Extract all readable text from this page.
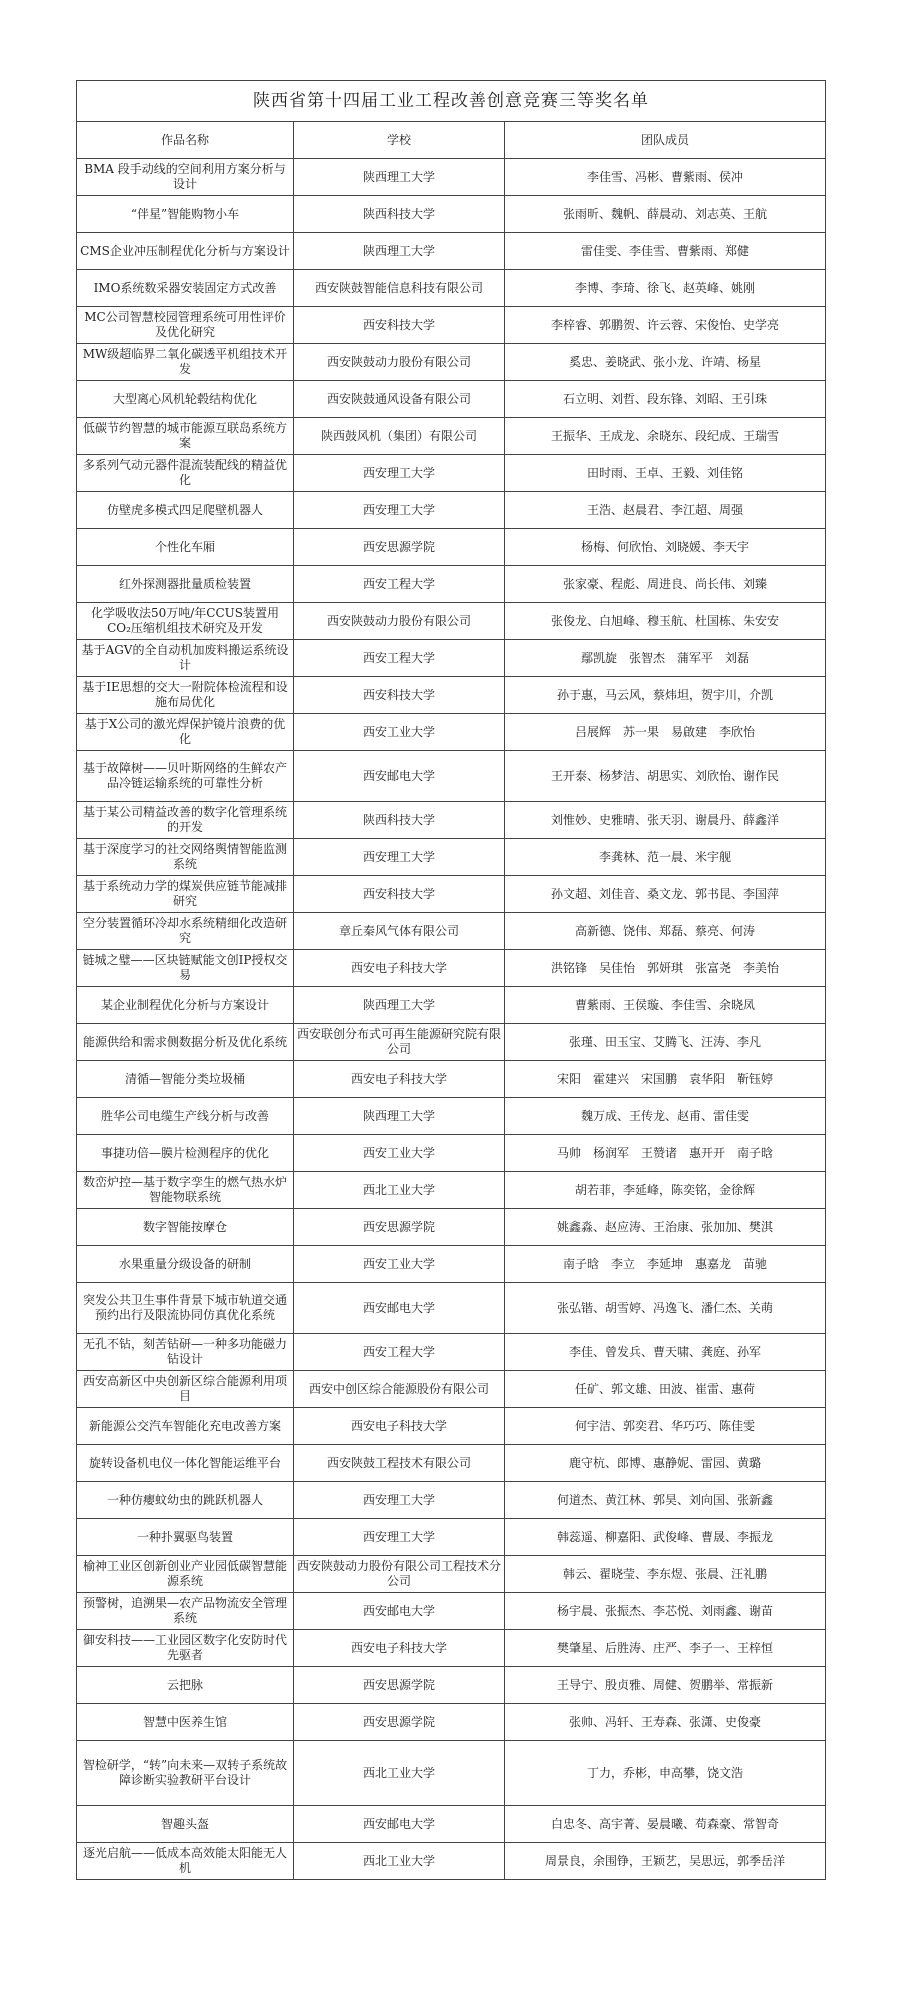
陕西省第十四届工业工程改善创意竞赛三等奖名单		
作品名称	学校	团队成员
BMA 段手动线的空间利用方案分析与设计	陕西理工大学	李佳雪、冯彬、曹紫雨、侯冲
“伴星”智能购物小车	陕西科技大学	张雨昕、魏帆、薛晨动、刘志英、王航
CMS企业冲压制程优化分析与方案设计	陕西理工大学	雷佳雯、李佳雪、曹紫雨、郑健
IMO系统数采器安装固定方式改善	西安陕鼓智能信息科技有限公司	李博、李琦、徐飞、赵英峰、姚刚
MC公司智慧校园管理系统可用性评价及优化研究	西安科技大学	李梓睿、郭鹏贺、许云蓉、宋俊怡、史学亮
MW级超临界二氧化碳透平机组技术开发	西安陕鼓动力股份有限公司	奚忠、姜晓武、张小龙、许靖、杨星
大型离心风机轮毂结构优化	西安陕鼓通风设备有限公司	石立明、刘哲、段东锋、刘昭、王引珠
低碳节约智慧的城市能源互联岛系统方案	陕西鼓风机（集团）有限公司	王振华、王成龙、余晓东、段纪成、王瑞雪
多系列气动元器件混流装配线的精益优化	西安理工大学	田时雨、王卓、王毅、刘佳铭
仿壁虎多模式四足爬壁机器人	西安理工大学	王浩、赵晨君、李江超、周强
个性化车厢	西安思源学院	杨梅、何欣怡、刘晓媛、李天宇
红外探测器批量质检装置	西安工程大学	张家豪、程彪、周进良、尚长伟、刘臻
化学吸收法50万吨/年CCUS装置用CO₂压缩机组技术研究及开发	西安陕鼓动力股份有限公司	张俊龙、白旭峰、穆玉航、杜国栋、朱安安
基于AGV的全自动机加废料搬运系统设计	西安工程大学	鄢凯旋　张智杰　蒲军平　刘磊
基于IE思想的交大一附院体检流程和设施布局优化	西安科技大学	孙于惠，马云风，蔡炜坦，贺宇川，介凯
基于X公司的激光焊保护镜片浪费的优化	西安工业大学	吕展辉　苏一果　易啟建　李欣怡
基于故障树——贝叶斯网络的生鲜农产品冷链运输系统的可靠性分析	西安邮电大学	王开泰、杨梦洁、胡思实、刘欣怡、谢作民
基于某公司精益改善的数字化管理系统的开发	陕西科技大学	刘惟妙、史雅晴、张天羽、谢晨丹、薛鑫洋
基于深度学习的社交网络舆情智能监测系统	西安理工大学	李龚林、范一晨、米宇舰
基于系统动力学的煤炭供应链节能减排研究	西安科技大学	孙文超、刘佳音、桑文龙、郭书昆、李国萍
空分装置循环冷却水系统精细化改造研究	章丘秦风气体有限公司	高新德、饶伟、郑磊、蔡亮、何涛
链城之璧——区块链赋能文创IP授权交易	西安电子科技大学	洪铭锋　吴佳怡　郭妍琪　张富尧　李美怡
某企业制程优化分析与方案设计	陕西理工大学	曹紫雨、王侯璇、李佳雪、余晓凤
能源供给和需求侧数据分析及优化系统	西安联创分布式可再生能源研究院有限公司	张瑾、田玉宝、艾腾飞、汪涛、李凡
清循—智能分类垃圾桶	西安电子科技大学	宋阳　霍建兴　宋国鹏　袁华阳　靳钰婷
胜华公司电缆生产线分析与改善	陕西理工大学	魏万成、王传龙、赵甫、雷佳雯
事捷功倍—膜片检测程序的优化	西安工业大学	马帅　杨润军　王赞诸　惠开开　南子晗
数峦炉控—基于数字孪生的燃气热水炉智能物联系统	西北工业大学	胡若菲，李延峰，陈奕铭，金徐辉
数字智能按摩仓	西安思源学院	姚鑫淼、赵应涛、王治康、张加加、樊淇
水果重量分级设备的研制	西安工业大学	南子晗　李立　李延坤　惠嘉龙　苗驰
突发公共卫生事件背景下城市轨道交通预约出行及限流协同仿真优化系统	西安邮电大学	张弘锴、胡雪婷、冯逸飞、潘仁杰、关萌
无孔不钻，刻苦钻研—一种多功能磁力钻设计	西安工程大学	李佳、曾发兵、曹天啸、龚庭、孙军
西安高新区中央创新区综合能源利用项目	西安中创区综合能源股份有限公司	任矿、郭文雄、田波、崔雷、惠荷
新能源公交汽车智能化充电改善方案	西安电子科技大学	何宇洁、郭奕君、华巧巧、陈佳雯
旋转设备机电仪一体化智能运维平台	西安陕鼓工程技术有限公司	鹿守杭、郎博、惠静妮、雷园、黄璐
一种仿瘿蚊幼虫的跳跃机器人	西安理工大学	何道杰、黄江林、郭昊、刘向国、张新鑫
一种扑翼驱鸟装置	西安理工大学	韩蕊遥、柳嘉阳、武俊峰、曹晟、李振龙
榆神工业区创新创业产业园低碳智慧能源系统	西安陕鼓动力股份有限公司工程技术分公司	韩云、翟晓莹、李东煜、张晨、汪礼鹏
预警树，追溯果—农产品物流安全管理系统	西安邮电大学	杨宇晨、张振杰、李芯悦、刘雨鑫、谢苗
御安科技——工业园区数字化安防时代先驱者	西安电子科技大学	樊肇星、后胜涛、庄严、李子一、王梓恒
云把脉	西安思源学院	王导宁、殷贞雅、周健、贺鹏举、常振新
智慧中医养生馆	西安思源学院	张帅、冯轩、王寿森、张潇、史俊豪
智检研学，“转”向未来—双转子系统故障诊断实验教研平台设计	西北工业大学	丁力，乔彬，申高攀，饶文浩
智趣头盔	西安邮电大学	白忠冬、高宇菁、晏晨曦、苟森豪、常智奇
逐光启航——低成本高效能太阳能无人机	西北工业大学	周景良，余围铮，王颖艺，吴思远，郭季岳洋
